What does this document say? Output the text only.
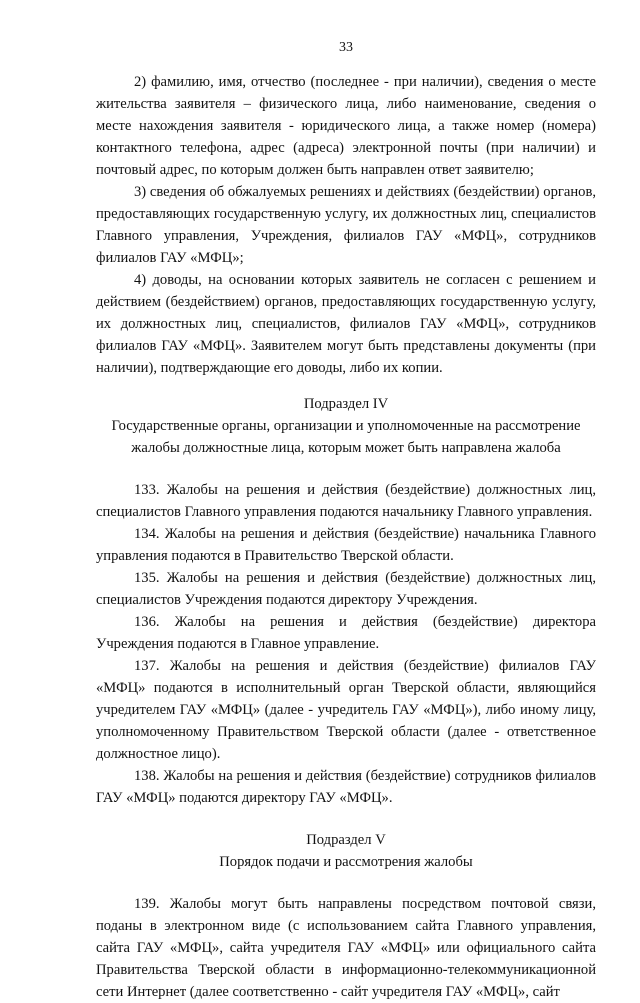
33

2) фамилию, имя, отчество (последнее - при наличии), сведения о месте жительства заявителя – физического лица, либо наименование, сведения о месте нахождения заявителя - юридического лица, а также номер (номера) контактного телефона, адрес (адреса) электронной почты (при наличии) и почтовый адрес, по которым должен быть направлен ответ заявителю;

3) сведения об обжалуемых решениях и действиях (бездействии) органов, предоставляющих государственную услугу, их должностных лиц, специалистов Главного управления, Учреждения, филиалов ГАУ «МФЦ», сотрудников филиалов ГАУ «МФЦ»;

4) доводы, на основании которых заявитель не согласен с решением и действием (бездействием) органов, предоставляющих государственную услугу, их должностных лиц, специалистов, филиалов ГАУ «МФЦ», сотрудников филиалов ГАУ «МФЦ». Заявителем могут быть представлены документы (при наличии), подтверждающие его доводы, либо их копии.

Подраздел IV

Государственные органы, организации и уполномоченные на рассмотрение жалобы должностные лица, которым может быть направлена жалоба

133. Жалобы на решения и действия (бездействие) должностных лиц, специалистов Главного управления подаются начальнику Главного управления.

134. Жалобы на решения и действия (бездействие) начальника Главного управления подаются в Правительство Тверской области.

135. Жалобы на решения и действия (бездействие) должностных лиц, специалистов Учреждения подаются директору Учреждения.

136. Жалобы на решения и действия (бездействие) директора Учреждения подаются в Главное управление.

137. Жалобы на решения и действия (бездействие) филиалов ГАУ «МФЦ» подаются в исполнительный орган Тверской области, являющийся учредителем ГАУ «МФЦ» (далее - учредитель ГАУ «МФЦ»), либо иному лицу, уполномоченному Правительством Тверской области (далее - ответственное должностное лицо).

138. Жалобы на решения и действия (бездействие) сотрудников филиалов ГАУ «МФЦ» подаются директору ГАУ «МФЦ».

Подраздел V

Порядок подачи и рассмотрения жалобы

139. Жалобы могут быть направлены посредством почтовой связи, поданы в электронном виде (с использованием сайта Главного управления, сайта ГАУ «МФЦ», сайта учредителя ГАУ «МФЦ» или официального сайта Правительства Тверской области в информационно-телекоммуникационной сети Интернет (далее соответственно - сайт учредителя ГАУ «МФЦ», сайт
